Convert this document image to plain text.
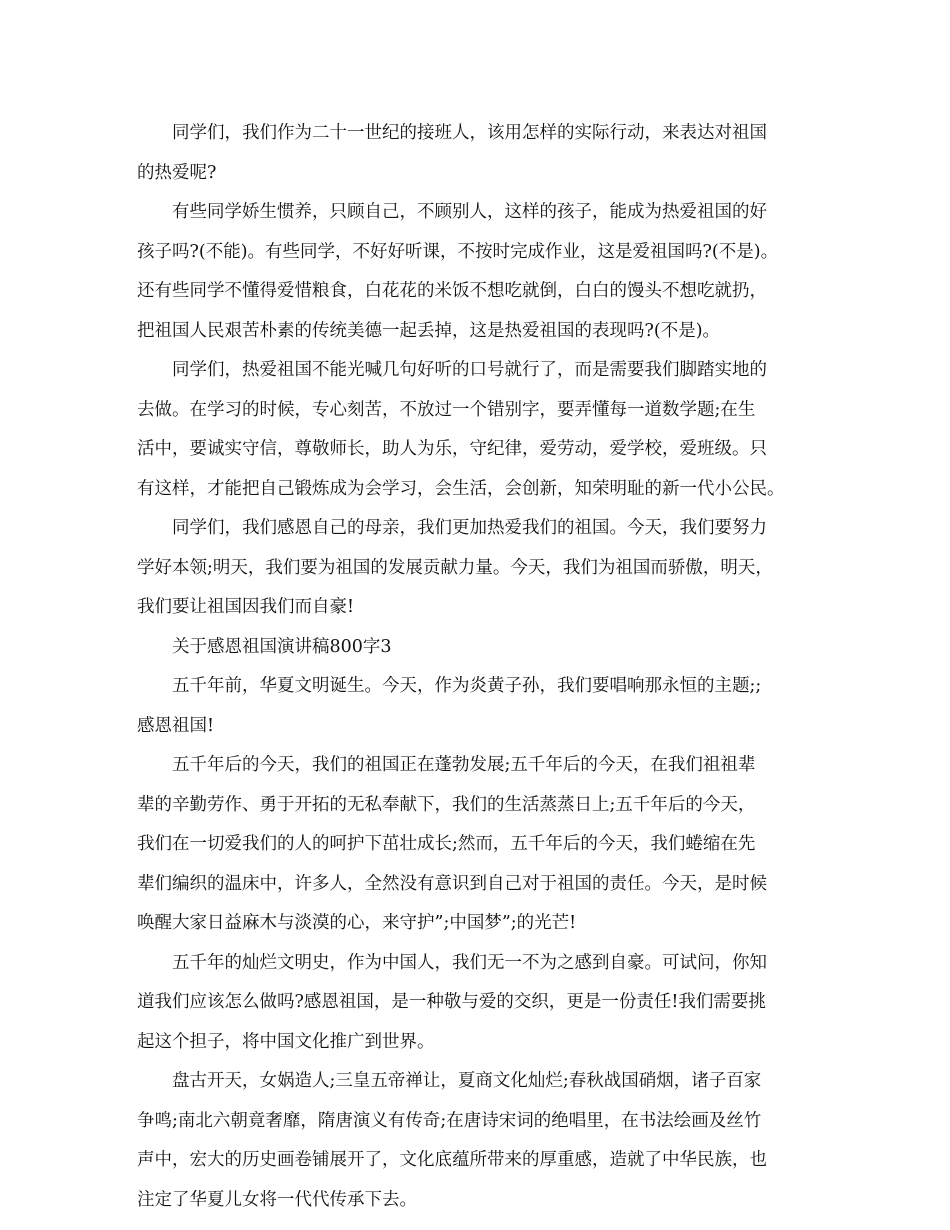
同学们，我们作为二十一世纪的接班人，该用怎样的实际行动，来表达对祖国
的热爱呢?

有些同学娇生惯养，只顾自己，不顾别人，这样的孩子，能成为热爱祖国的好
孩子吗?(不能)。有些同学，不好好听课，不按时完成作业，这是爱祖国吗?(不是)。
还有些同学不懂得爱惜粮食，白花花的米饭不想吃就倒，白白的馒头不想吃就扔，
把祖国人民艰苦朴素的传统美德一起丢掉，这是热爱祖国的表现吗?(不是)。

同学们，热爱祖国不能光喊几句好听的口号就行了，而是需要我们脚踏实地的
去做。在学习的时候，专心刻苦，不放过一个错别字，要弄懂每一道数学题;在生
活中，要诚实守信，尊敬师长，助人为乐，守纪律，爱劳动，爱学校，爱班级。只
有这样，才能把自己锻炼成为会学习，会生活，会创新，知荣明耻的新一代小公民。

同学们，我们感恩自己的母亲，我们更加热爱我们的祖国。今天，我们要努力
学好本领;明天，我们要为祖国的发展贡献力量。今天，我们为祖国而骄傲，明天，
我们要让祖国因我们而自豪!

关于感恩祖国演讲稿800字3

五千年前，华夏文明诞生。今天，作为炎黄子孙，我们要唱响那永恒的主题;;
感恩祖国!

五千年后的今天，我们的祖国正在蓬勃发展;五千年后的今天，在我们祖祖辈
辈的辛勤劳作、勇于开拓的无私奉献下，我们的生活蒸蒸日上;五千年后的今天，
我们在一切爱我们的人的呵护下茁壮成长;然而，五千年后的今天，我们蜷缩在先
辈们编织的温床中，许多人，全然没有意识到自己对于祖国的责任。今天，是时候
唤醒大家日益麻木与淡漠的心，来守护”;中国梦”;的光芒!

五千年的灿烂文明史，作为中国人，我们无一不为之感到自豪。可试问，你知
道我们应该怎么做吗?感恩祖国，是一种敬与爱的交织，更是一份责任!我们需要挑
起这个担子，将中国文化推广到世界。

盘古开天，女娲造人;三皇五帝禅让，夏商文化灿烂;春秋战国硝烟，诸子百家
争鸣;南北六朝竟奢靡，隋唐演义有传奇;在唐诗宋词的绝唱里，在书法绘画及丝竹
声中，宏大的历史画卷铺展开了，文化底蕴所带来的厚重感，造就了中华民族，也
注定了华夏儿女将一代代传承下去。
